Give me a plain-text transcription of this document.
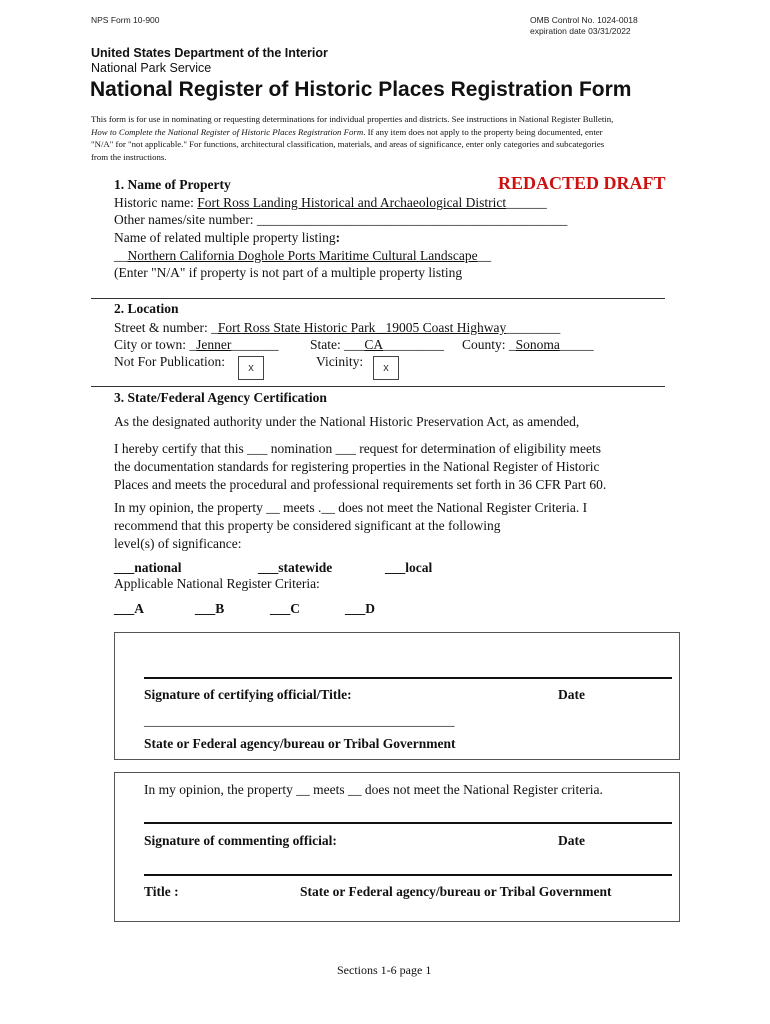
NPS Form 10-900	OMB Control No. 1024-0018
expiration date 03/31/2022
United States Department of the Interior
National Park Service
National Register of Historic Places Registration Form
This form is for use in nominating or requesting determinations for individual properties and districts. See instructions in National Register Bulletin,
How to Complete the National Register of Historic Places Registration Form. If any item does not apply to the property being documented, enter
"N/A" for "not applicable." For functions, architectural classification, materials, and areas of significance, enter only categories and subcategories
from the instructions.
REDACTED DRAFT
1. Name of Property
Historic name: Fort Ross Landing Historical and Archaeological District______
Other names/site number: ______________________________________________
Name of related multiple property listing:
__Northern California Doghole Ports Maritime Cultural Landscape__
(Enter "N/A" if property is not part of a multiple property listing
2. Location
Street & number: _Fort Ross State Historic Park _19005 Coast Highway________
City or town: _Jenner_______ State: ___CA_________ County: _Sonoma_____
Not For Publication:	x	Vicinity:	x
3. State/Federal Agency Certification
As the designated authority under the National Historic Preservation Act, as amended,
I hereby certify that this ___ nomination ___ request for determination of eligibility meets
the documentation standards for registering properties in the National Register of Historic
Places and meets the procedural and professional requirements set forth in 36 CFR Part 60.
In my opinion, the property __ meets .__ does not meet the National Register Criteria. I
recommend that this property be considered significant at the following
level(s) of significance:
___national	___statewide	___local
Applicable National Register Criteria:
___A	___B	___C	___D
Signature of certifying official/Title:	Date
______________________________________________
State or Federal agency/bureau or Tribal Government
In my opinion, the property __ meets __ does not meet the National Register criteria.
Signature of commenting official:	Date
Title :	State or Federal agency/bureau or Tribal Government
Sections 1-6 page 1
